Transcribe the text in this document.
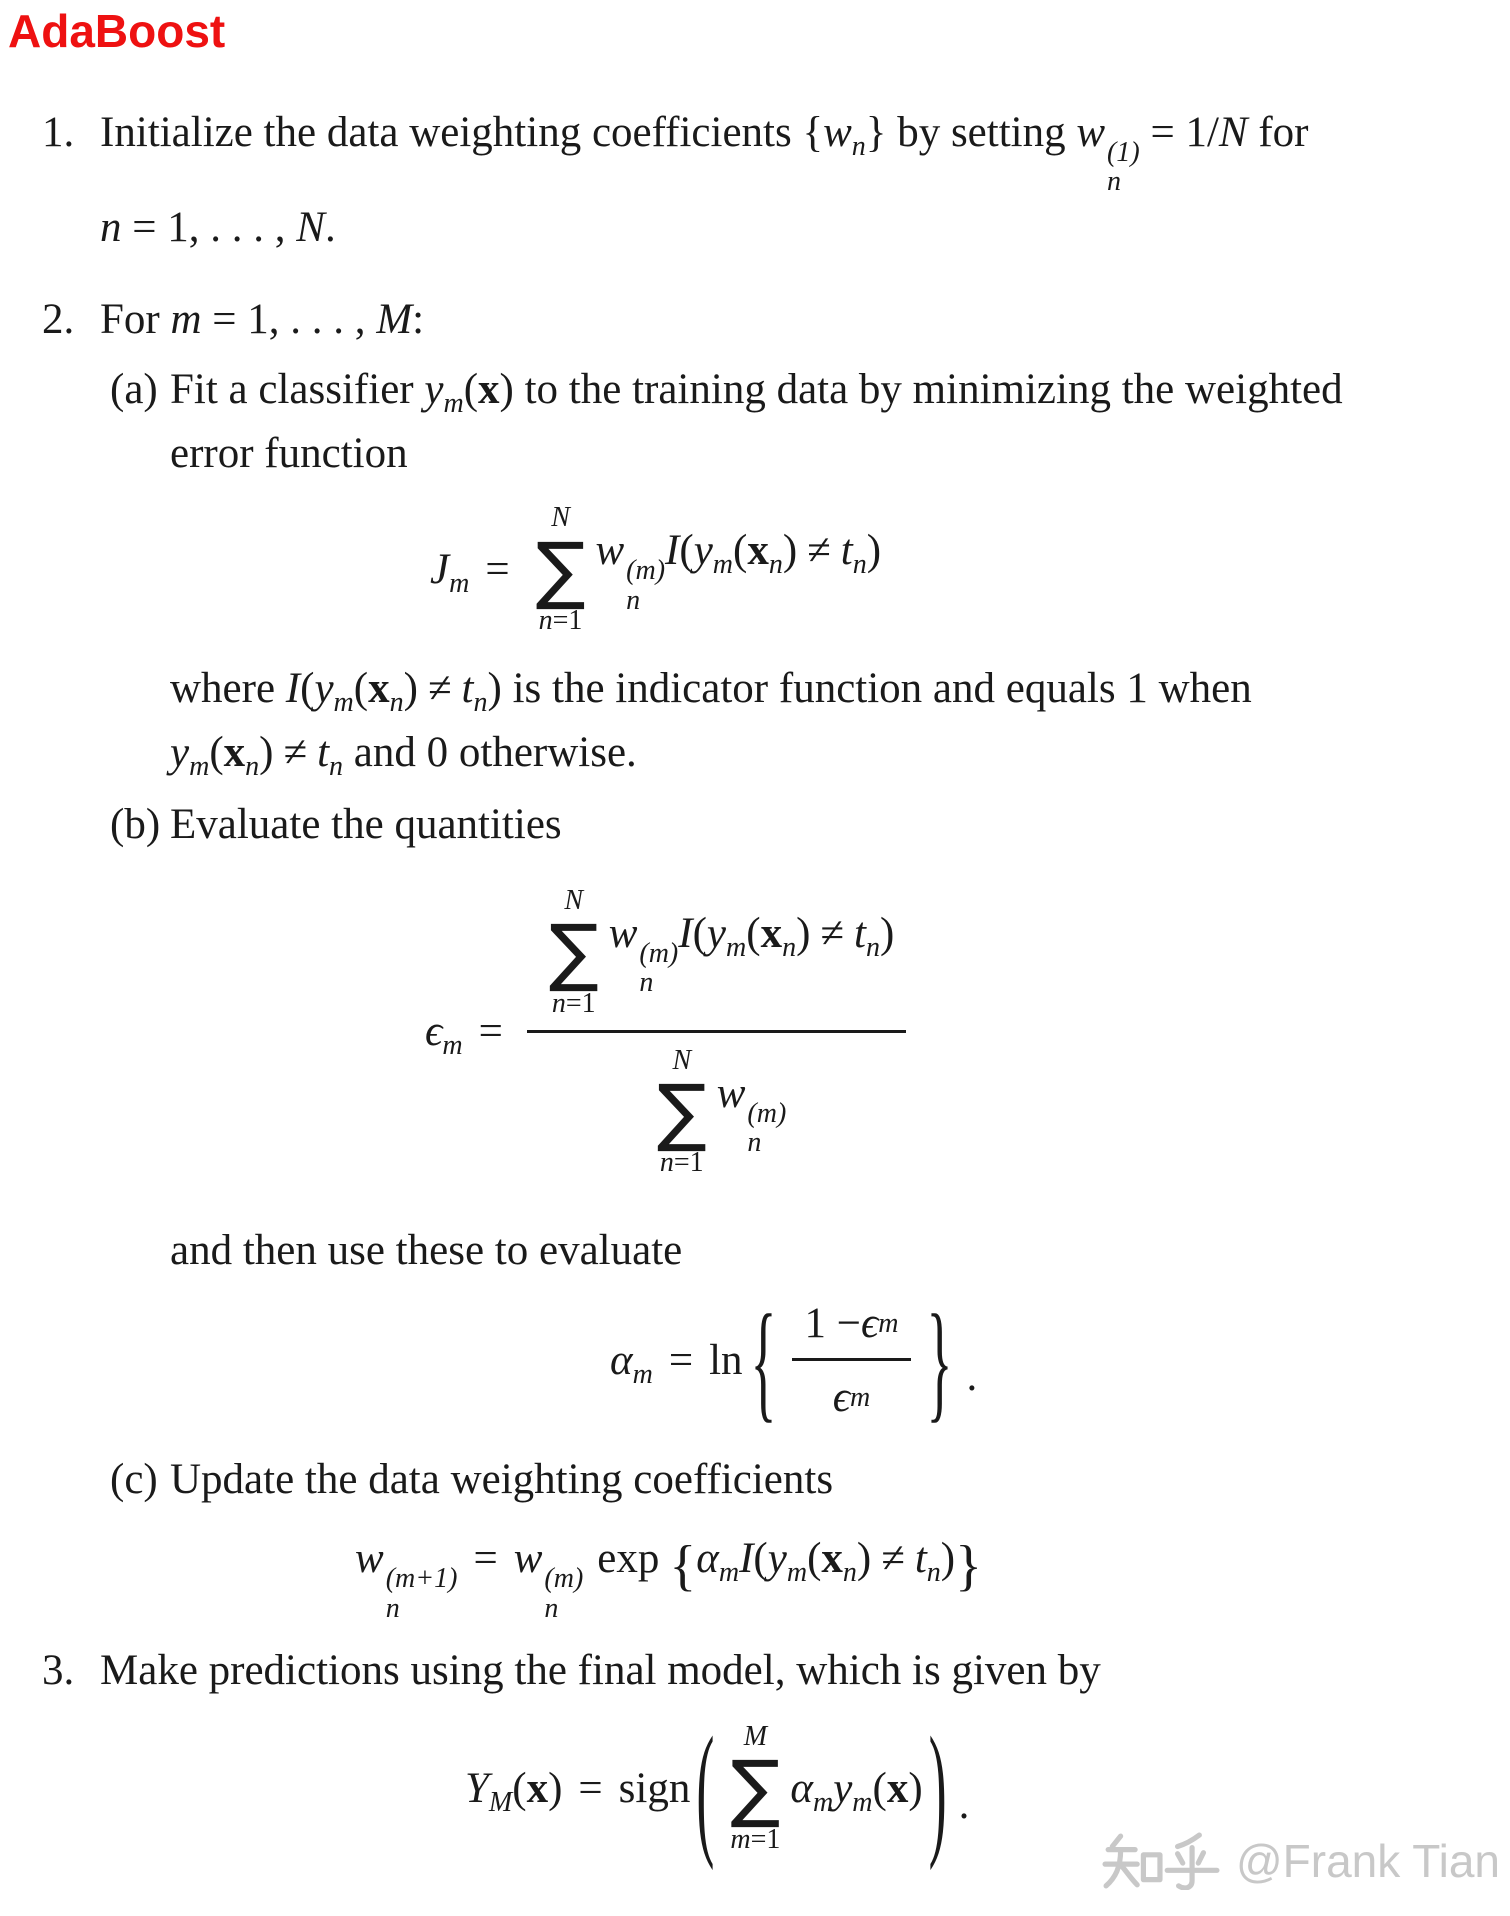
AdaBoost
1. Initialize the data weighting coefficients $\{w_n\}$ by setting w (1)
n
= 1/N for
n = 1, . . . , N.
2. For m = 1, . . . , M:
(a) Fit a classifier $y_m(x)$ to the training data by minimizing the weighted
error function
$J_m$ =
N
∑
n=1
w (m)
n
$I(y_m(x_n) \ne t_n)$
where $I(y_m(x_n) \ne t_n)$ is the indicator function and equals 1 when
$y_m(x_n) \ne t_n$ and 0 otherwise.
(b) Evaluate the quantities
$\epsilon_m = N$
∑
n=1
w (m)
n
$I(y_m(x_n) \ne t_n)$
N
∑
n=1
w (m)
n
and then use these to evaluate
$\alpha_m = \ln$ { $\frac{\text{1 − ϵ m}}{\text{ϵ m}}$ } .
(c) Update the data weighting coefficients
w (m+1)
n
= w (m)
n
$\exp \{\alpha_mI(y_m(x_n) \ne t_n)\}$
3. Make predictions using the final model, which is given by
$Y_M(x)$ = sign ( M
∑
m=1
$\alpha_my_m(x)$ ) .
@Frank Tian
